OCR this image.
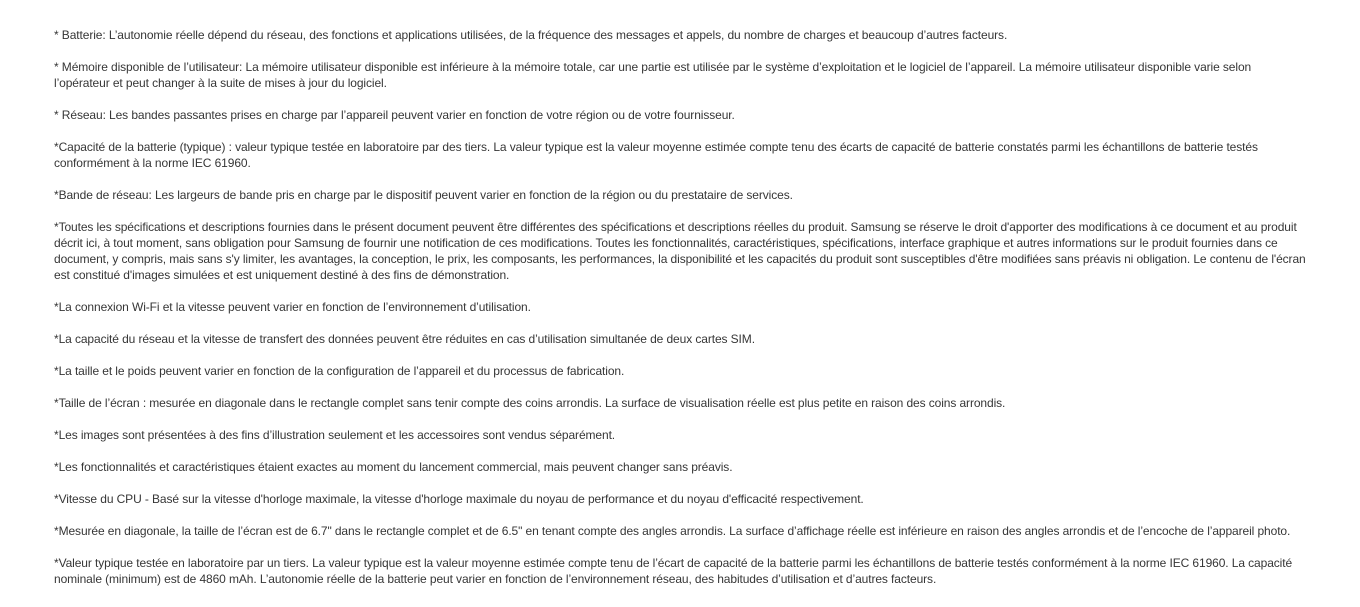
* Batterie: L’autonomie réelle dépend du réseau, des fonctions et applications utilisées, de la fréquence des messages et appels, du nombre de charges et beaucoup d’autres facteurs.

* Mémoire disponible de l’utilisateur: La mémoire utilisateur disponible est inférieure à la mémoire totale, car une partie est utilisée par le système d’exploitation et le logiciel de l’appareil. La mémoire utilisateur disponible varie selon l’opérateur et peut changer à la suite de mises à jour du logiciel.

* Réseau: Les bandes passantes prises en charge par l’appareil peuvent varier en fonction de votre région ou de votre fournisseur.

*Capacité de la batterie (typique) : valeur typique testée en laboratoire par des tiers. La valeur typique est la valeur moyenne estimée compte tenu des écarts de capacité de batterie constatés parmi les échantillons de batterie testés conformément à la norme IEC 61960.

*Bande de réseau: Les largeurs de bande pris en charge par le dispositif peuvent varier en fonction de la région ou du prestataire de services.

*Toutes les spécifications et descriptions fournies dans le présent document peuvent être différentes des spécifications et descriptions réelles du produit. Samsung se réserve le droit d'apporter des modifications à ce document et au produit décrit ici, à tout moment, sans obligation pour Samsung de fournir une notification de ces modifications. Toutes les fonctionnalités, caractéristiques, spécifications, interface graphique et autres informations sur le produit fournies dans ce document, y compris, mais sans s'y limiter, les avantages, la conception, le prix, les composants, les performances, la disponibilité et les capacités du produit sont susceptibles d'être modifiées sans préavis ni obligation. Le contenu de l'écran est constitué d'images simulées et est uniquement destiné à des fins de démonstration.

*La connexion Wi-Fi et la vitesse peuvent varier en fonction de l’environnement d’utilisation.

*La capacité du réseau et la vitesse de transfert des données peuvent être réduites en cas d’utilisation simultanée de deux cartes SIM.

*La taille et le poids peuvent varier en fonction de la configuration de l’appareil et du processus de fabrication.

*Taille de l’écran : mesurée en diagonale dans le rectangle complet sans tenir compte des coins arrondis. La surface de visualisation réelle est plus petite en raison des coins arrondis.

*Les images sont présentées à des fins d’illustration seulement et les accessoires sont vendus séparément.

*Les fonctionnalités et caractéristiques étaient exactes au moment du lancement commercial, mais peuvent changer sans préavis.

*Vitesse du CPU - Basé sur la vitesse d'horloge maximale, la vitesse d'horloge maximale du noyau de performance et du noyau d'efficacité respectivement.

*Mesurée en diagonale, la taille de l’écran est de 6.7" dans le rectangle complet et de 6.5" en tenant compte des angles arrondis. La surface d’affichage réelle est inférieure en raison des angles arrondis et de l’encoche de l’appareil photo.

*Valeur typique testée en laboratoire par un tiers. La valeur typique est la valeur moyenne estimée compte tenu de l’écart de capacité de la batterie parmi les échantillons de batterie testés conformément à la norme IEC 61960. La capacité nominale (minimum) est de 4860 mAh. L’autonomie réelle de la batterie peut varier en fonction de l’environnement réseau, des habitudes d’utilisation et d’autres facteurs.
